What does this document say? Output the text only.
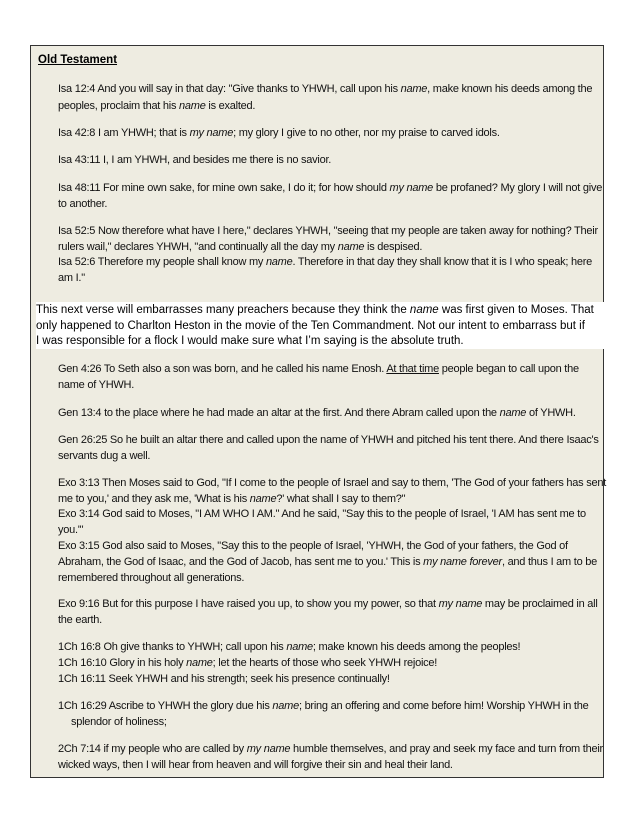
Old Testament

Isa 12:4 And you will say in that day: "Give thanks to YHWH, call upon his name, make known his deeds among the

peoples, proclaim that his name is exalted.

Isa 42:8 I am YHWH; that is my name; my glory I give to no other, nor my praise to carved idols.

Isa 43:11 I, I am YHWH, and besides me there is no savior.

Isa 48:11 For mine own sake, for mine own sake, I do it; for how should my name be profaned? My glory I will not give

to another.

Isa 52:5 Now therefore what have I here," declares YHWH, "seeing that my people are taken away for nothing? Their

rulers wail," declares YHWH, "and continually all the day my name is despised.

Isa 52:6 Therefore my people shall know my name. Therefore in that day they shall know that it is I who speak; here

am I."

This next verse will embarrasses many preachers because they think the name was first given to Moses. That
only happened to Charlton Heston in the movie of the Ten Commandment. Not our intent to embarrass but if
I was responsible for a flock I would make sure what I’m saying is the absolute truth.

Gen 4:26 To Seth also a son was born, and he called his name Enosh. At that time people began to call upon the

name of YHWH.

Gen 13:4 to the place where he had made an altar at the first. And there Abram called upon the name of YHWH.

Gen 26:25 So he built an altar there and called upon the name of YHWH and pitched his tent there. And there Isaac's

servants dug a well.

Exo 3:13 Then Moses said to God, "If I come to the people of Israel and say to them, 'The God of your fathers has sent

me to you,' and they ask me, 'What is his name?' what shall I say to them?"

Exo 3:14 God said to Moses, "I AM WHO I AM." And he said, "Say this to the people of Israel, 'I AM has sent me to

you.'"

Exo 3:15 God also said to Moses, "Say this to the people of Israel, 'YHWH, the God of your fathers, the God of

Abraham, the God of Isaac, and the God of Jacob, has sent me to you.' This is my name forever, and thus I am to be

remembered throughout all generations.

Exo 9:16 But for this purpose I have raised you up, to show you my power, so that my name may be proclaimed in all

the earth.

1Ch 16:8 Oh give thanks to YHWH; call upon his name; make known his deeds among the peoples!

1Ch 16:10 Glory in his holy name; let the hearts of those who seek YHWH rejoice!

1Ch 16:11 Seek YHWH and his strength; seek his presence continually!

1Ch 16:29 Ascribe to YHWH the glory due his name; bring an offering and come before him! Worship YHWH in the

splendor of holiness;

2Ch 7:14 if my people who are called by my name humble themselves, and pray and seek my face and turn from their

wicked ways, then I will hear from heaven and will forgive their sin and heal their land.
